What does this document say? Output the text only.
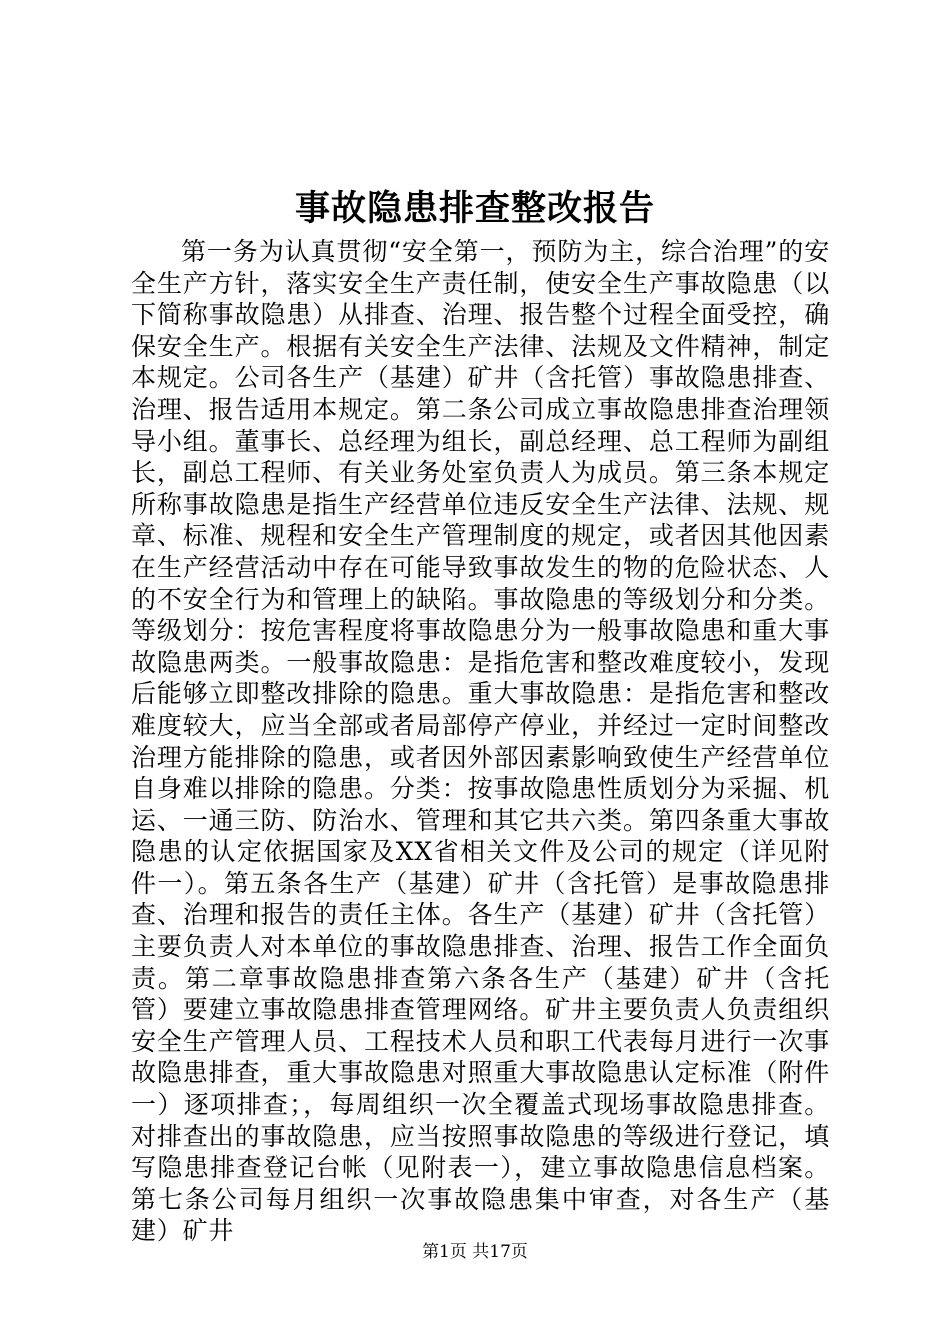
事故隐患排查整改报告

第一务为认真贯彻“安全第一，预防为主，综合治理”的安全生产方针，落实安全生产责任制，使安全生产事故隐患（以下简称事故隐患）从排查、治理、报告整个过程全面受控，确保安全生产。根据有关安全生产法律、法规及文件精神，制定本规定。公司各生产（基建）矿井（含托管）事故隐患排查、治理、报告适用本规定。第二条公司成立事故隐患排查治理领导小组。董事长、总经理为组长，副总经理、总工程师为副组长，副总工程师、有关业务处室负责人为成员。第三条本规定所称事故隐患是指生产经营单位违反安全生产法律、法规、规章、标准、规程和安全生产管理制度的规定，或者因其他因素在生产经营活动中存在可能导致事故发生的物的危险状态、人的不安全行为和管理上的缺陷。事故隐患的等级划分和分类。等级划分：按危害程度将事故隐患分为一般事故隐患和重大事故隐患两类。一般事故隐患：是指危害和整改难度较小，发现后能够立即整改排除的隐患。重大事故隐患：是指危害和整改难度较大，应当全部或者局部停产停业，并经过一定时间整改治理方能排除的隐患，或者因外部因素影响致使生产经营单位自身难以排除的隐患。分类：按事故隐患性质划分为采掘、机运、一通三防、防治水、管理和其它共六类。第四条重大事故隐患的认定依据国家及XX省相关文件及公司的规定（详见附件一）。第五条各生产（基建）矿井（含托管）是事故隐患排查、治理和报告的责任主体。各生产（基建）矿井（含托管）主要负责人对本单位的事故隐患排查、治理、报告工作全面负责。第二章事故隐患排查第六条各生产（基建）矿井（含托管）要建立事故隐患排查管理网络。矿井主要负责人负责组织安全生产管理人员、工程技术人员和职工代表每月进行一次事故隐患排查，重大事故隐患对照重大事故隐患认定标准（附件一）逐项排查；，每周组织一次全覆盖式现场事故隐患排查。对排查出的事故隐患，应当按照事故隐患的等级进行登记，填写隐患排查登记台帐（见附表一），建立事故隐患信息档案。第七条公司每月组织一次事故隐患集中审查，对各生产（基建）矿井

第1页 共17页
